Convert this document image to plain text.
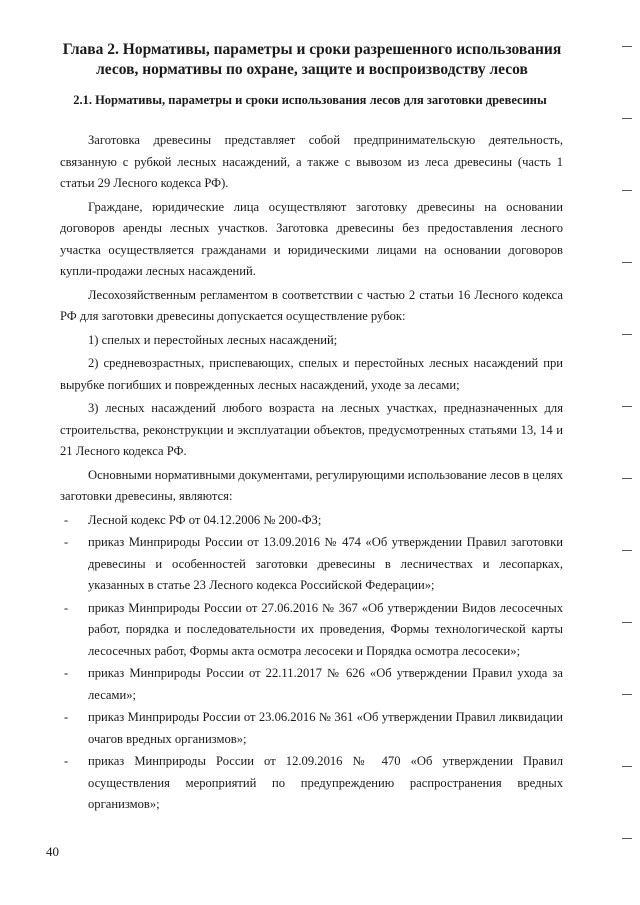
Глава 2. Нормативы, параметры и сроки разрешенного использования лесов, нормативы по охране, защите и воспроизводству лесов
2.1. Нормативы, параметры и сроки использования лесов для заготовки древесины

Заготовка древесины представляет собой предпринимательскую деятельность, связанную с рубкой лесных насаждений, а также с вывозом из леса древесины (часть 1 статьи 29 Лесного кодекса РФ).

Граждане, юридические лица осуществляют заготовку древесины на основании договоров аренды лесных участков. Заготовка древесины без предоставления лесного участка осуществляется гражданами и юридическими лицами на основании договоров купли-продажи лесных насаждений.

Лесохозяйственным регламентом в соответствии с частью 2 статьи 16 Лесного кодекса РФ для заготовки древесины допускается осуществление рубок:

1) спелых и перестойных лесных насаждений;

2) средневозрастных, приспевающих, спелых и перестойных лесных насаждений при вырубке погибших и поврежденных лесных насаждений, уходе за лесами;

3) лесных насаждений любого возраста на лесных участках, предназначенных для строительства, реконструкции и эксплуатации объектов, предусмотренных статьями 13, 14 и 21 Лесного кодекса РФ.

Основными нормативными документами, регулирующими использование лесов в целях заготовки древесины, являются:

- Лесной кодекс РФ от 04.12.2006 № 200-ФЗ;
- приказ Минприроды России от 13.09.2016 № 474 «Об утверждении Правил заготовки древесины и особенностей заготовки древесины в лесничествах и лесопарках, указанных в статье 23 Лесного кодекса Российской Федерации»;
- приказ Минприроды России от 27.06.2016 № 367 «Об утверждении Видов лесосечных работ, порядка и последовательности их проведения, Формы технологической карты лесосечных работ, Формы акта осмотра лесосеки и Порядка осмотра лесосеки»;
- приказ Минприроды России от 22.11.2017 № 626 «Об утверждении Правил ухода за лесами»;
- приказ Минприроды России от 23.06.2016 № 361 «Об утверждении Правил ликвидации очагов вредных организмов»;
- приказ Минприроды России от 12.09.2016 № 470 «Об утверждении Правил осуществления мероприятий по предупреждению распространения вредных организмов»;
40
